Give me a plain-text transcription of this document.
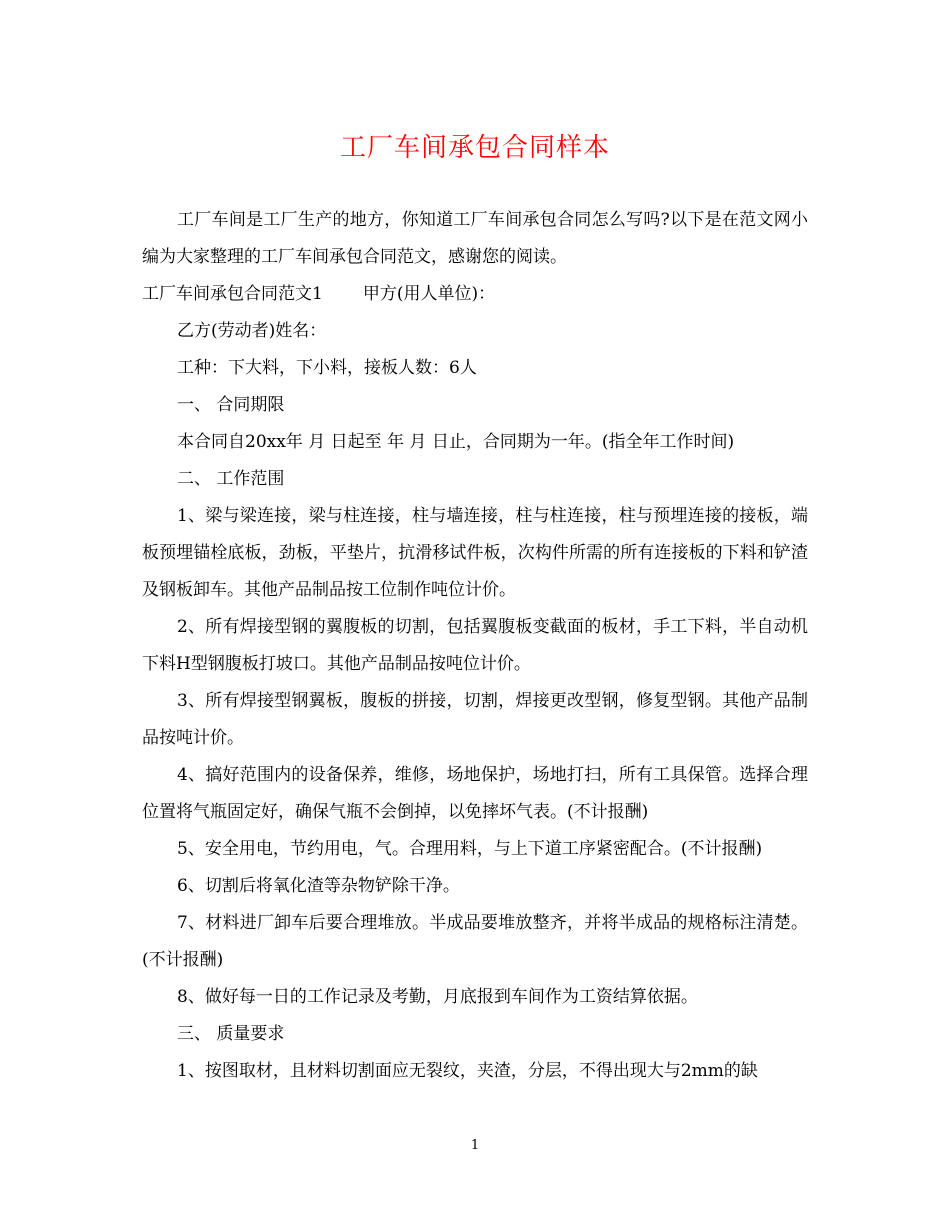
工厂车间承包合同样本

工厂车间是工厂生产的地方，你知道工厂车间承包合同怎么写吗?以下是在范文网小编为大家整理的工厂车间承包合同范文，感谢您的阅读。

工厂车间承包合同范文1 甲方(用人单位)：

乙方(劳动者)姓名：

工种：下大料，下小料，接板人数：6人

一、 合同期限

本合同自20xx年 月 日起至 年 月 日止，合同期为一年。(指全年工作时间)

二、 工作范围

1、梁与梁连接，梁与柱连接，柱与墙连接，柱与柱连接，柱与预埋连接的接板，端板预埋锚栓底板，劲板，平垫片，抗滑移试件板，次构件所需的所有连接板的下料和铲渣及钢板卸车。其他产品制品按工位制作吨位计价。

2、所有焊接型钢的翼腹板的切割，包括翼腹板变截面的板材，手工下料，半自动机下料H型钢腹板打坡口。其他产品制品按吨位计价。

3、所有焊接型钢翼板，腹板的拼接，切割，焊接更改型钢，修复型钢。其他产品制品按吨计价。

4、搞好范围内的设备保养，维修，场地保护，场地打扫，所有工具保管。选择合理位置将气瓶固定好，确保气瓶不会倒掉，以免摔坏气表。(不计报酬)

5、安全用电，节约用电，气。合理用料，与上下道工序紧密配合。(不计报酬)

6、切割后将氧化渣等杂物铲除干净。

7、材料进厂卸车后要合理堆放。半成品要堆放整齐，并将半成品的规格标注清楚。(不计报酬)

8、做好每一日的工作记录及考勤，月底报到车间作为工资结算依据。

三、 质量要求

1、按图取材，且材料切割面应无裂纹，夹渣，分层，不得出现大与2mm的缺

1
